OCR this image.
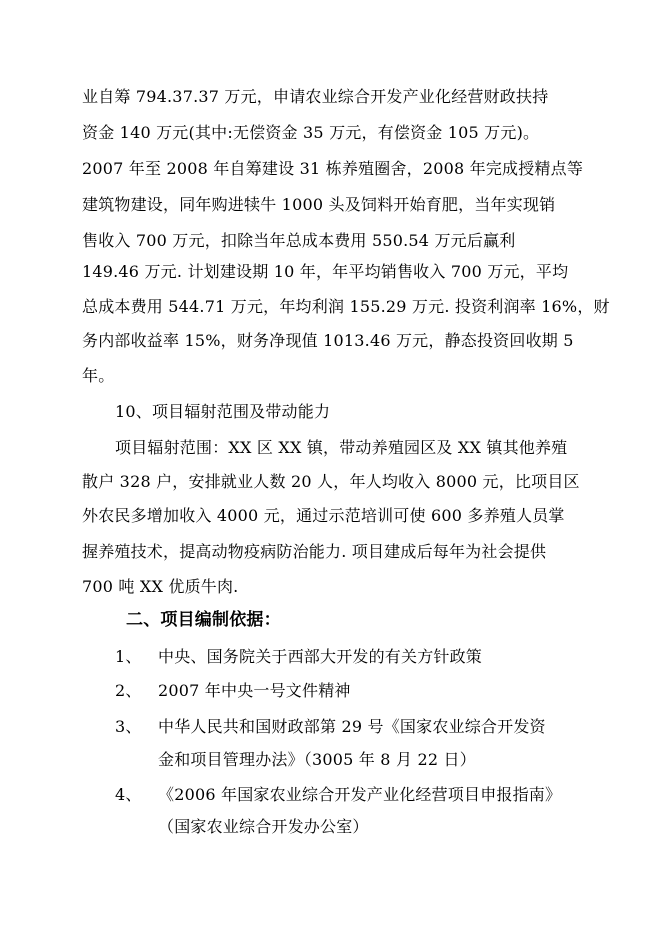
业自筹 794.37.37 万元，申请农业综合开发产业化经营财政扶持
资金 140 万元(其中:无偿资金 35 万元，有偿资金 105 万元)。
2007 年至 2008 年自筹建设 31 栋养殖圈舍，2008 年完成授精点等
建筑物建设，同年购进犊牛 1000 头及饲料开始育肥，当年实现销
售收入 700 万元，扣除当年总成本费用 550.54 万元后赢利
149.46 万元. 计划建设期 10 年，年平均销售收入 700 万元，平均
总成本费用 544.71 万元，年均利润 155.29 万元. 投资利润率 16%，财
务内部收益率 15%，财务净现值 1013.46 万元，静态投资回收期 5
年。
10、项目辐射范围及带动能力
项目辐射范围：XX 区 XX 镇，带动养殖园区及 XX 镇其他养殖
散户 328 户，安排就业人数 20 人，年人均收入 8000 元，比项目区
外农民多增加收入 4000 元，通过示范培训可使 600 多养殖人员掌
握养殖技术，提高动物疫病防治能力. 项目建成后每年为社会提供
700 吨 XX 优质牛肉.
二、项目编制依据：
1、 中央、国务院关于西部大开发的有关方针政策
2、 2007 年中央一号文件精神
3、 中华人民共和国财政部第 29 号《国家农业综合开发资
金和项目管理办法》（3005 年 8 月 22 日）
4、 《2006 年国家农业综合开发产业化经营项目申报指南》
（国家农业综合开发办公室）
